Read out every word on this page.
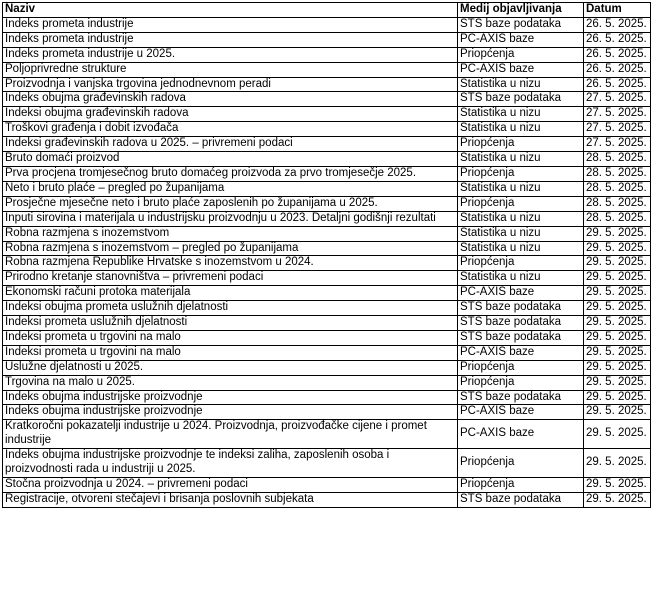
Naziv	Medij objavljivanja	Datum
Indeks prometa industrije	STS baze podataka	26. 5. 2025.
Indeks prometa industrije	PC-AXIS baze	26. 5. 2025.
Indeks prometa industrije u 2025.	Priopćenja	26. 5. 2025.
Poljoprivredne strukture	PC-AXIS baze	26. 5. 2025.
Proizvodnja i vanjska trgovina jednodnevnom peradi	Statistika u nizu	26. 5. 2025.
Indeks obujma građevinskih radova	STS baze podataka	27. 5. 2025.
Indeksi obujma građevinskih radova	Statistika u nizu	27. 5. 2025.
Troškovi građenja i dobit izvođača	Statistika u nizu	27. 5. 2025.
Indeksi građevinskih radova u 2025. – privremeni podaci	Priopćenja	27. 5. 2025.
Bruto domaći proizvod	Statistika u nizu	28. 5. 2025.
Prva procjena tromjesečnog bruto domaćeg proizvoda za prvo tromjesečje 2025.	Priopćenja	28. 5. 2025.
Neto i bruto plaće – pregled po županijama	Statistika u nizu	28. 5. 2025.
Prosječne mjesečne neto i bruto plaće zaposlenih po županijama u 2025.	Priopćenja	28. 5. 2025.
Inputi sirovina i materijala u industrijsku proizvodnju u 2023. Detaljni godišnji rezultati	Statistika u nizu	28. 5. 2025.
Robna razmjena s inozemstvom	Statistika u nizu	29. 5. 2025.
Robna razmjena s inozemstvom – pregled po županijama	Statistika u nizu	29. 5. 2025.
Robna razmjena Republike Hrvatske s inozemstvom u 2024.	Priopćenja	29. 5. 2025.
Prirodno kretanje stanovništva – privremeni podaci	Statistika u nizu	29. 5. 2025.
Ekonomski računi protoka materijala	PC-AXIS baze	29. 5. 2025.
Indeksi obujma prometa uslužnih djelatnosti	STS baze podataka	29. 5. 2025.
Indeksi prometa uslužnih djelatnosti	STS baze podataka	29. 5. 2025.
Indeksi prometa u trgovini na malo	STS baze podataka	29. 5. 2025.
Indeksi prometa u trgovini na malo	PC-AXIS baze	29. 5. 2025.
Uslužne djelatnosti u 2025.	Priopćenja	29. 5. 2025.
Trgovina na malo u 2025.	Priopćenja	29. 5. 2025.
Indeks obujma industrijske proizvodnje	STS baze podataka	29. 5. 2025.
Indeks obujma industrijske proizvodnje	PC-AXIS baze	29. 5. 2025.
Kratkoročni pokazatelji industrije u 2024. Proizvodnja, proizvođačke cijene i promet industrije	PC-AXIS baze	29. 5. 2025.
Indeks obujma industrijske proizvodnje te indeksi zaliha, zaposlenih osoba i proizvodnosti rada u industriji u 2025.	Priopćenja	29. 5. 2025.
Stočna proizvodnja u 2024. – privremeni podaci	Priopćenja	29. 5. 2025.
Registracije, otvoreni stečajevi i brisanja poslovnih subjekata	STS baze podataka	29. 5. 2025.
